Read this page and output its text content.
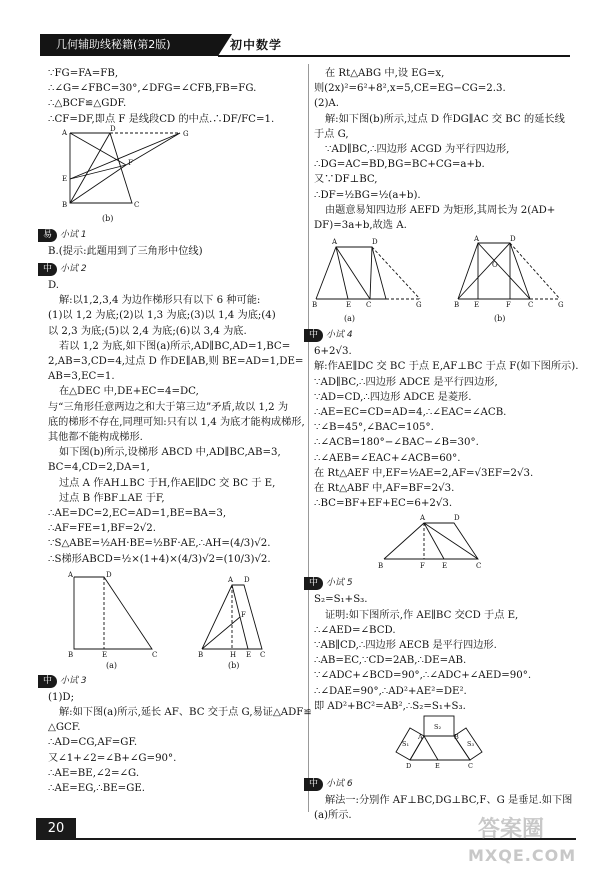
几何辅助线秘籍(第2版)	初中数学
∵FG=FA=FB,
∴∠G=∠FBC=30°,∠DFG=∠CFB,FB=FG.
∴△BCF≌△GDF.
∴CF=DF,即点 F 是线段CD 的中点.∴DF/FC=1.
A	D
G
F
E
B	C
(b)
易 小试 1
B.(提示:此题用到了三角形中位线)
中 小试 2
D.
解:以1,2,3,4 为边作梯形只有以下 6 种可能:
(1)以 1,2 为底;(2)以 1,3 为底;(3)以 1,4 为底;(4)
以 2,3 为底;(5)以 2,4 为底;(6)以 3,4 为底.
若以 1,2 为底,如下图(a)所示,AD∥BC,AD=1,BC=
2,AB=3,CD=4,过点 D 作DE∥AB,则 BE=AD=1,DE=
AB=3,EC=1.
在△DEC 中,DE+EC=4=DC,
与“三角形任意两边之和大于第三边”矛盾,故以 1,2 为
底的梯形不存在,同理可知:只有以 1,4 为底才能构成梯形,
其他都不能构成梯形.
如下图(b)所示,设梯形 ABCD 中,AD∥BC,AB=3,
BC=4,CD=2,DA=1,
过点 A 作AH⊥BC 于H,作AE∥DC 交 BC 于 E,
过点 B 作BF⊥AE 于F,
∴AE=DC=2,EC=AD=1,BE=BA=3,
∴AF=FE=1,BF=2√2.
∵S△ABE=½AH·BE=½BF·AE,∴AH=(4/3)√2.
∴S梯形ABCD=½×(1+4)×(4/3)√2=(10/3)√2.
A	D
B	E	C
A D
B	H E C
F
(a)	(b)
中 小试 3
(1)D;
解:如下图(a)所示,延长 AF、BC 交于点 G,易证△ADF≌
△GCF.
∴AD=CG,AF=GF.
又∠1+∠2=∠B+∠G=90°.
∴AE=BE,∠2=∠G.
∴AE=EG,∴BE=GE.
在 Rt△ABG 中,设 EG=x,
则(2x)²=6²+8²,x=5,CE=EG−CG=2.3.
(2)A.
解:如下图(b)所示,过点 D 作DG∥AC 交 BC 的延长线
于点 G,
∵AD∥BC,∴四边形 ACGD 为平行四边形,
∴DG=AC=BD,BG=BC+CG=a+b.
又∵DF⊥BC,
∴DF=½BG=½(a+b).
由题意易知四边形 AEFD 为矩形,其周长为 2(AD+
DF)=3a+b,故选 A.
A	D
B	E C	G
A	D
O
B E	F C	G
(a)	(b)
中 小试 4
6+2√3.
解:作AE∥DC 交 BC 于点 E,AF⊥BC 于点 F(如下图所示).
∵AD∥BC,∴四边形 ADCE 是平行四边形,
∵AD=CD,∴四边形 ADCE 是菱形.
∴AE=EC=CD=AD=4,∴∠EAC=∠ACB.
∵∠B=45°,∠BAC=105°.
∴∠ACB=180°−∠BAC−∠B=30°.
∴∠AEB=∠EAC+∠ACB=60°.
在 Rt△AEF 中,EF=½AE=2,AF=√3EF=2√3.
在 Rt△ABF 中,AF=BF=2√3.
∴BC=BF+EF+EC=6+2√3.
A	D
B	F E	C
中 小试 5
S₂=S₁+S₃.
证明:如下图所示,作 AE∥BC 交CD 于点 E,
∴∠AED=∠BCD.
∵AB∥CD,∴四边形 AECB 是平行四边形.
∴AB=EC,∵CD=2AB,∴DE=AB.
∵∠ADC+∠BCD=90°,∴∠ADC+∠AED=90°.
∴∠DAE=90°,∴AD²+AE²=DE².
即 AD²+BC²=AB²,∴S₂=S₁+S₃.
S₂
S₁	S₃
A	B
D	E	C
中 小试 6
解法一:分别作 AF⊥BC,DG⊥BC,F、G 是垂足.如下图
(a)所示.
20	答案圈
MXQE.COM
